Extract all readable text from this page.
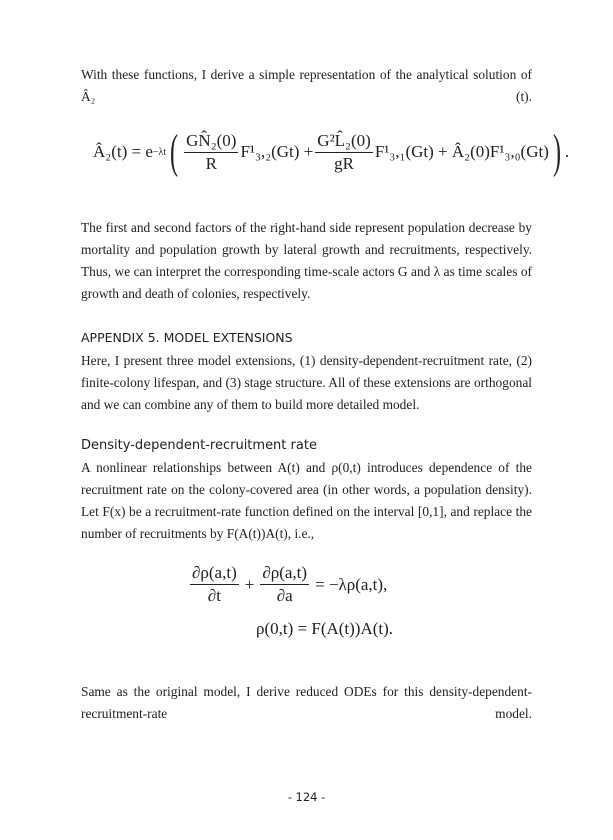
With these functions, I derive a simple representation of the analytical solution of Â₂ (t).
Â₂(t) = e −λt ( $\frac{\text{GN̂₂(0)}}{R} F^1_3,_2(Gt) + \frac{\text{G²L̂₂(0)}}{gR} F^1_3,_1(Gt)$ + Â₂(0)F¹₃,₀(Gt) ) .
The first and second factors of the right-hand side represent population decrease by mortality and population growth by lateral growth and recruitments, respectively. Thus, we can interpret the corresponding time-scale actors G and λ as time scales of growth and death of colonies, respectively.
APPENDIX 5. MODEL EXTENSIONS
Here, I present three model extensions, (1) density-dependent-recruitment rate, (2) finite-colony lifespan, and (3) stage structure. All of these extensions are orthogonal and we can combine any of them to build more detailed model.
Density-dependent-recruitment rate
A nonlinear relationships between A(t) and ρ(0,t) introduces dependence of the recruitment rate on the colony-covered area (in other words, a population density). Let F(x) be a recruitment-rate function defined on the interval [0,1], and replace the number of recruitments by F(A(t))A(t), i.e.,
$\frac{\partial\rho(a,t)}{\partial t} + \frac{\partial\rho(a,t)}{\partial a} = -\lambda\rho(a,t)$,
ρ(0,t) = F(A(t))A(t).
Same as the original model, I derive reduced ODEs for this density-dependent-recruitment-rate model.
- 124 -
